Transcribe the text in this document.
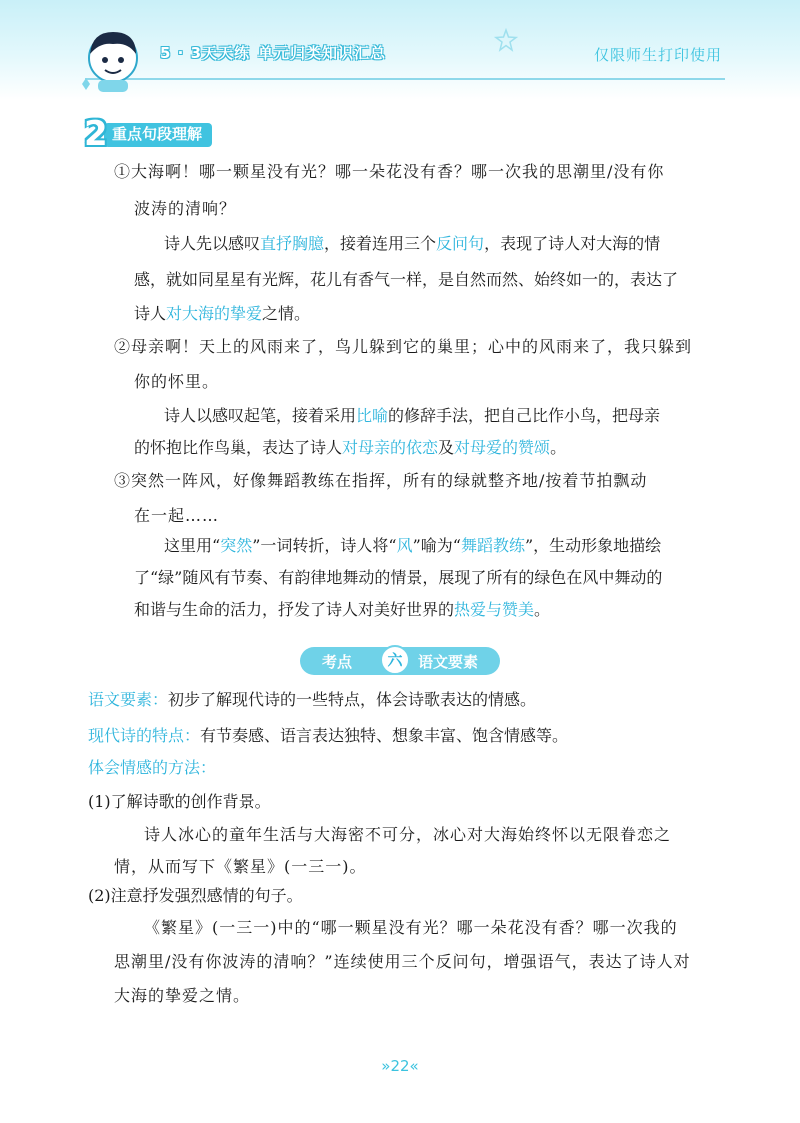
5 · 3天天练 单元归类知识汇总	仅限师生打印使用
重点句段理解
2
①大海啊！哪一颗星没有光？哪一朵花没有香？哪一次我的思潮里/没有你
波涛的清响？
诗人先以感叹直抒胸臆，接着连用三个反问句，表现了诗人对大海的情
感，就如同星星有光辉，花儿有香气一样，是自然而然、始终如一的，表达了
诗人对大海的挚爱之情。
②母亲啊！天上的风雨来了，鸟儿躲到它的巢里；心中的风雨来了，我只躲到
你的怀里。
诗人以感叹起笔，接着采用比喻的修辞手法，把自己比作小鸟，把母亲
的怀抱比作鸟巢，表达了诗人对母亲的依恋及对母爱的赞颂。
③突然一阵风，好像舞蹈教练在指挥，所有的绿就整齐地/按着节拍飘动
在一起……
这里用“突然”一词转折，诗人将“风”喻为“舞蹈教练”，生动形象地描绘
了“绿”随风有节奏、有韵律地舞动的情景，展现了所有的绿色在风中舞动的
和谐与生命的活力，抒发了诗人对美好世界的热爱与赞美。
考点	六	语文要素
语文要素：初步了解现代诗的一些特点，体会诗歌表达的情感。
现代诗的特点：有节奏感、语言表达独特、想象丰富、饱含情感等。
体会情感的方法：
(1)了解诗歌的创作背景。
诗人冰心的童年生活与大海密不可分，冰心对大海始终怀以无限眷恋之
情，从而写下《繁星》(一三一)。
(2)注意抒发强烈感情的句子。
《繁星》(一三一)中的“哪一颗星没有光？哪一朵花没有香？哪一次我的
思潮里/没有你波涛的清响？”连续使用三个反问句，增强语气，表达了诗人对
大海的挚爱之情。
»22«
